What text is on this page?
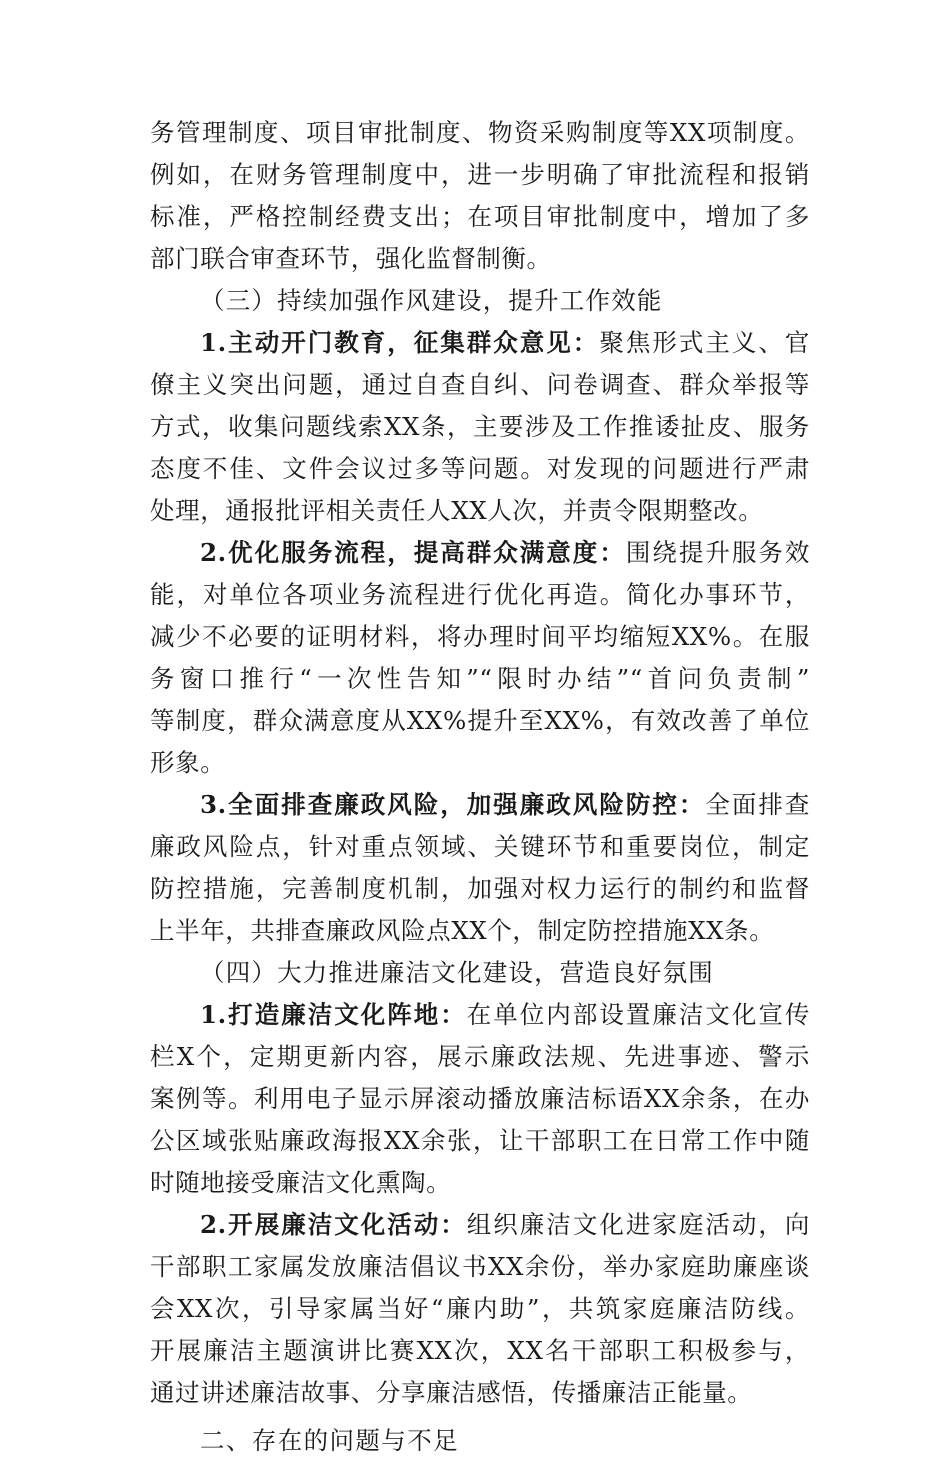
务管理制度、项目审批制度、物资采购制度等XX项制度。
例如，在财务管理制度中，进一步明确了审批流程和报销
标准，严格控制经费支出；在项目审批制度中，增加了多
部门联合审查环节，强化监督制衡。
（三）持续加强作风建设，提升工作效能
1.主动开门教育，征集群众意见：聚焦形式主义、官
僚主义突出问题，通过自查自纠、问卷调查、群众举报等
方式，收集问题线索XX条，主要涉及工作推诿扯皮、服务
态度不佳、文件会议过多等问题。对发现的问题进行严肃
处理，通报批评相关责任人XX人次，并责令限期整改。
2.优化服务流程，提高群众满意度：围绕提升服务效
能，对单位各项业务流程进行优化再造。简化办事环节，
减少不必要的证明材料，将办理时间平均缩短XX%。在服
务窗口推行“一次性告知”“限时办结”“首问负责制”
等制度，群众满意度从XX%提升至XX%，有效改善了单位
形象。
3.全面排查廉政风险，加强廉政风险防控：全面排查
廉政风险点，针对重点领域、关键环节和重要岗位，制定
防控措施，完善制度机制，加强对权力运行的制约和监督
上半年，共排查廉政风险点XX个，制定防控措施XX条。
（四）大力推进廉洁文化建设，营造良好氛围
1.打造廉洁文化阵地：在单位内部设置廉洁文化宣传
栏X个，定期更新内容，展示廉政法规、先进事迹、警示
案例等。利用电子显示屏滚动播放廉洁标语XX余条，在办
公区域张贴廉政海报XX余张，让干部职工在日常工作中随
时随地接受廉洁文化熏陶。
2.开展廉洁文化活动：组织廉洁文化进家庭活动，向
干部职工家属发放廉洁倡议书XX余份，举办家庭助廉座谈
会XX次，引导家属当好“廉内助”，共筑家庭廉洁防线。
开展廉洁主题演讲比赛XX次，XX名干部职工积极参与，
通过讲述廉洁故事、分享廉洁感悟，传播廉洁正能量。
二、存在的问题与不足
